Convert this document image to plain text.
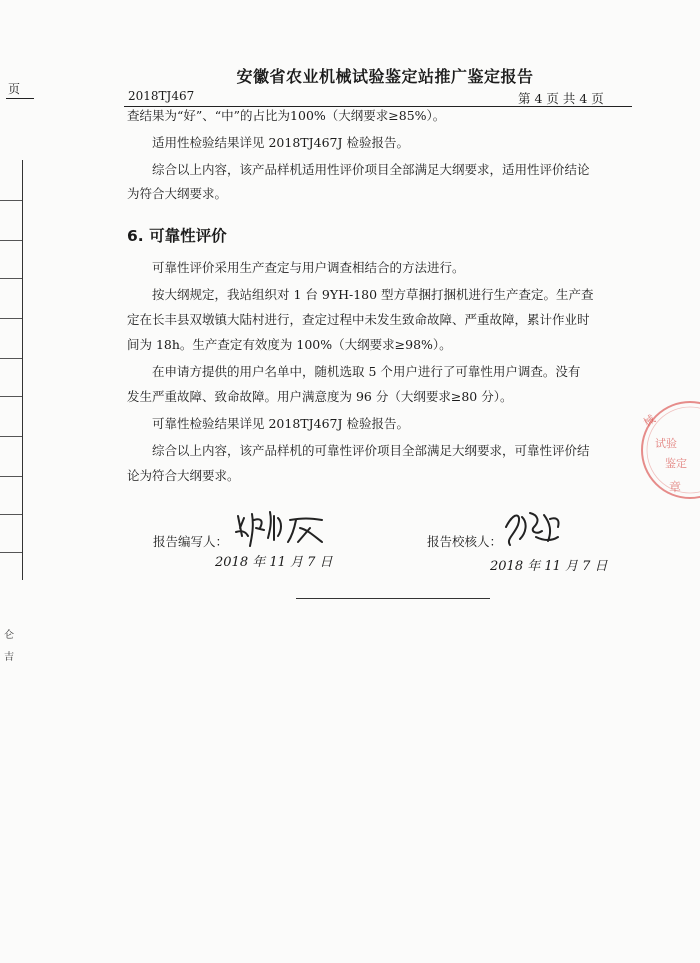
页
仑
吉
安徽省农业机械试验鉴定站推广鉴定报告
2018TJ467	第 4 页 共 4 页
查结果为“好”、“中”的占比为100%（大纲要求≥85%）。
适用性检验结果详见 2018TJ467J 检验报告。
综合以上内容，该产品样机适用性评价项目全部满足大纲要求，适用性评价结论
为符合大纲要求。
6. 可靠性评价
可靠性评价采用生产查定与用户调查相结合的方法进行。
按大纲规定，我站组织对 1 台 9YH-180 型方草捆打捆机进行生产查定。生产查
定在长丰县双墩镇大陆村进行，查定过程中未发生致命故障、严重故障，累计作业时
间为 18h。生产查定有效度为 100%（大纲要求≥98%）。
在申请方提供的用户名单中，随机选取 5 个用户进行了可靠性用户调查。没有
发生严重故障、致命故障。用户满意度为 96 分（大纲要求≥80 分）。
可靠性检验结果详见 2018TJ467J 检验报告。
综合以上内容，该产品样机的可靠性评价项目全部满足大纲要求，可靠性评价结
论为符合大纲要求。
械
试验
鉴定
章
报告编写人：
2018 年 11 月 7 日
报告校核人：
2018 年 11 月 7 日
